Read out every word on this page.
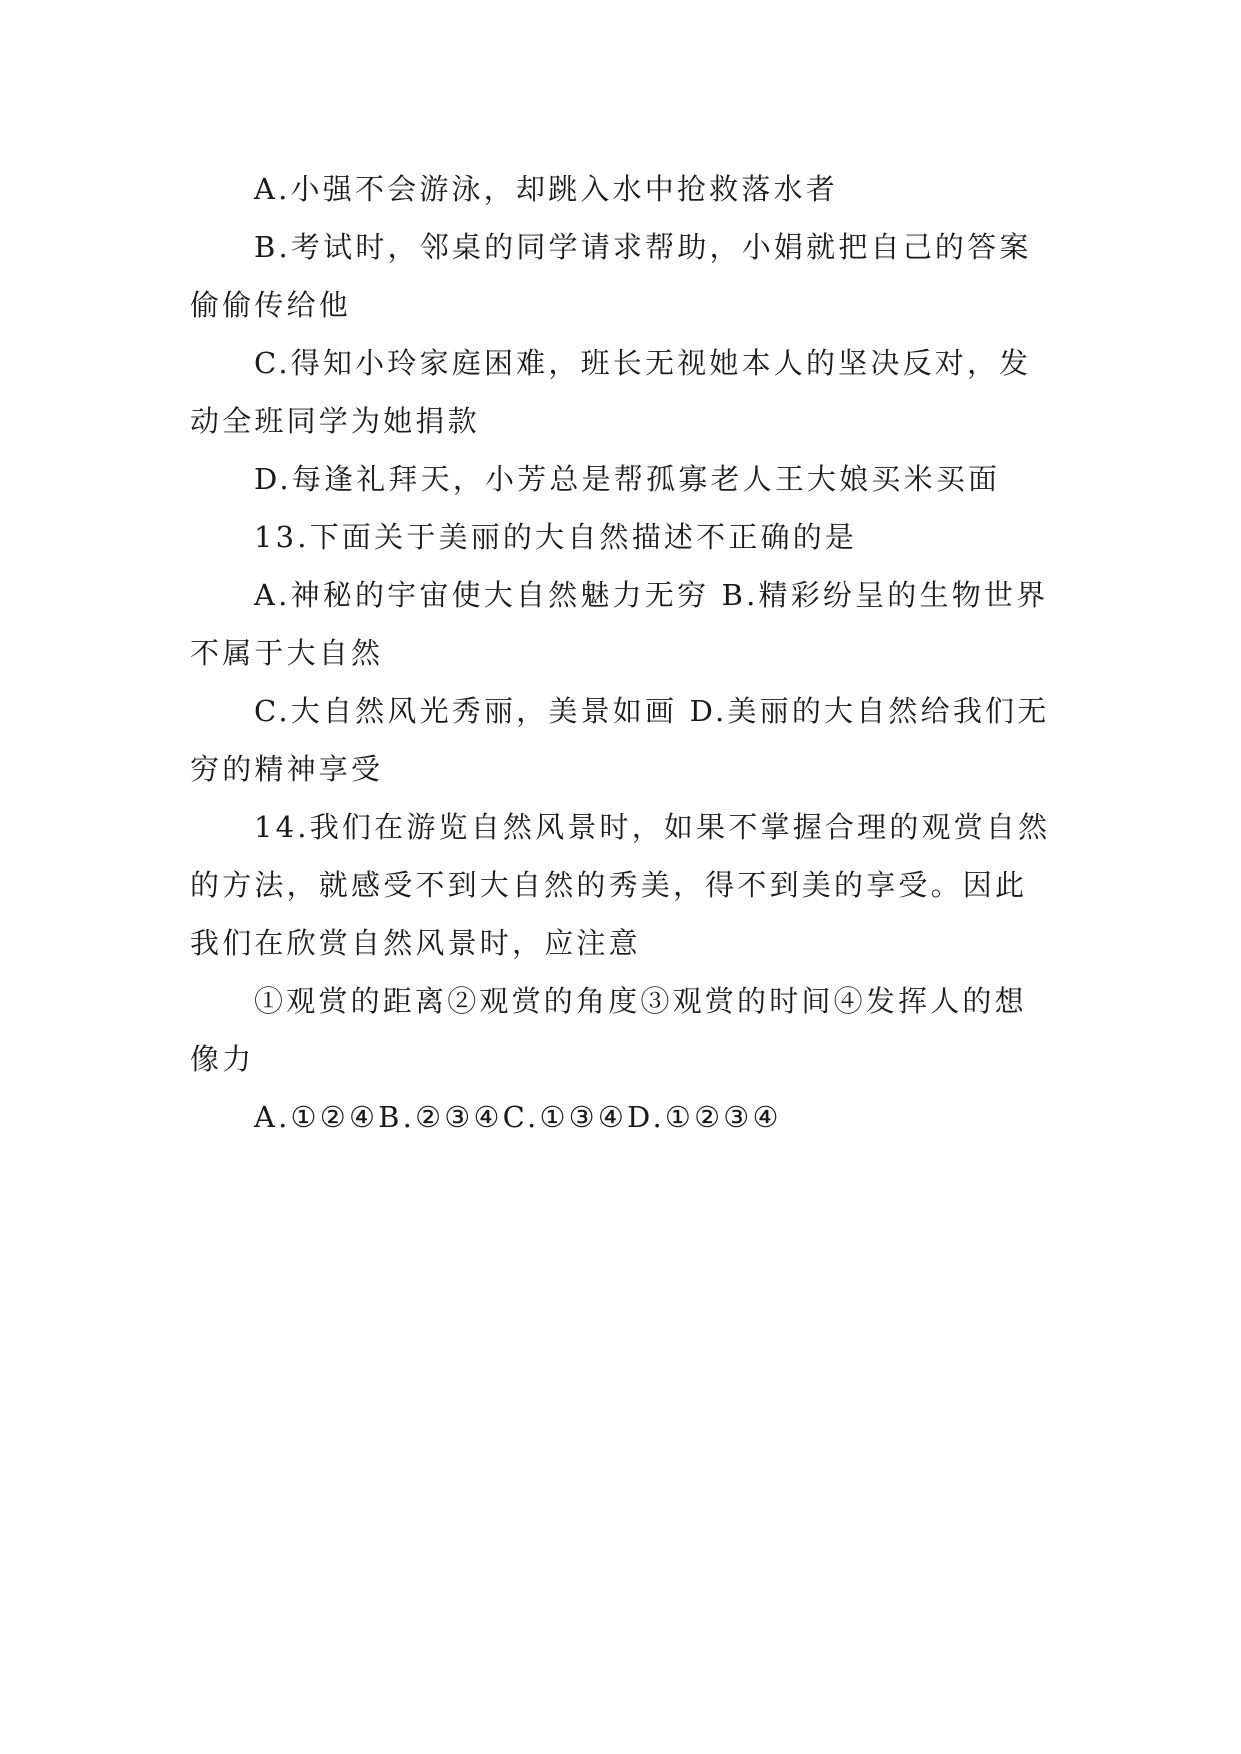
A.小强不会游泳，却跳入水中抢救落水者

B.考试时，邻桌的同学请求帮助，小娟就把自己的答案偷偷传给他

C.得知小玲家庭困难，班长无视她本人的坚决反对，发动全班同学为她捐款

D.每逢礼拜天，小芳总是帮孤寡老人王大娘买米买面

13.下面关于美丽的大自然描述不正确的是

A.神秘的宇宙使大自然魅力无穷 B.精彩纷呈的生物世界不属于大自然

C.大自然风光秀丽，美景如画 D.美丽的大自然给我们无穷的精神享受

14.我们在游览自然风景时，如果不掌握合理的观赏自然的方法，就感受不到大自然的秀美，得不到美的享受。因此我们在欣赏自然风景时，应注意

①观赏的距离②观赏的角度③观赏的时间④发挥人的想像力

A.①②④B.②③④C.①③④D.①②③④
